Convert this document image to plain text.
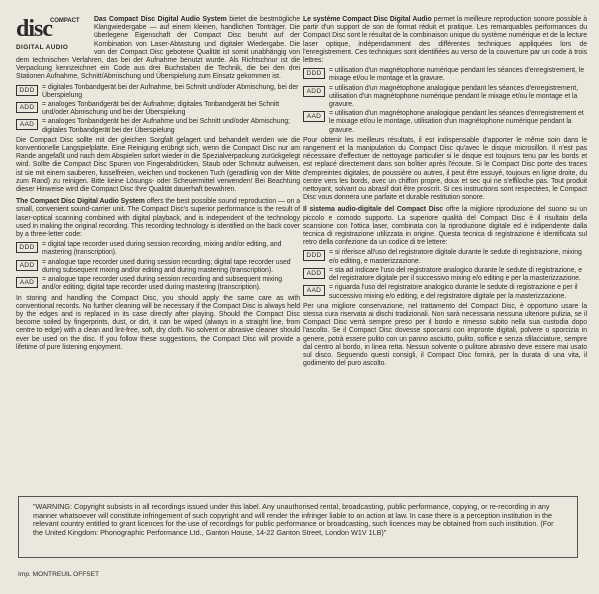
disc
COMPACT
DIGITAL AUDIO

Das Compact Disc Digital Audio System bietet die bestmögliche Klangwiedergabe — auf einem kleinen, handlichen Tonträger. Die überlegene Eigenschaft der Compact Disc beruht auf der Kombination von Laser-Abtastung und digitaler Wiedergabe. Die von der Compact Disc gebotene Qualität ist somit unabhängig von dem technischen Verfahren, das bei der Aufnahme benutzt wurde. Als Richtschnur ist die Verpackung kennzeichnet ein Code aus drei Buchstaben die Technik, die bei den drei Stationen Aufnahme, Schnitt/Abmischung und Überspielung zum Einsatz gekommen ist.

DDD	= digitales Tonbandgerät bei der Aufnahme, bei Schnitt und/oder Abmischung, bei der Überspielung
ADD	= analoges Tonbandgerät bei der Aufnahme; digitales Tonbandgerät bei Schnitt und/oder Abmischung und bei der Überspielung
AAD	= analoges Tonbandgerät bei der Aufnahme und bei Schnitt und/oder Abmischung; digitales Tonbandgerät bei der Überspielung

Die Compact Disc sollte mit der gleichen Sorgfalt gelagert und behandelt werden wie die konventionelle Langspielplatte. Eine Reinigung erübrigt sich, wenn die Compact Disc nur am Rande angefaßt und nach dem Abspielen sofort wieder in die Spezialverpackung zurückgelegt wird. Sollte die Compact Disc Spuren von Fingerabdrücken, Staub oder Schmutz aufweisen, ist sie mit einem sauberen, fusselfreien, weichen und trockenen Tuch (geradlinig von der Mitte zum Rand) zu reinigen. Bitte keine Lösungs- oder Scheuermittel verwenden! Bei Beachtung dieser Hinweise wird die Compact Disc Ihre Qualität dauerhaft bewahren.

The Compact Disc Digital Audio System offers the best possible sound reproduction — on a small, convenient sound-carrier unit. The Compact Disc's superior performance is the result of laser-optical scanning combined with digital playback, and is independent of the technology used in making the original recording. This recording technology is identified on the back cover by a three-letter code:

DDD	= digital tape recorder used during session recording, mixing and/or editing, and mastering (transcription).
ADD	= analogue tape recorder used during session recording; digital tape recorder used during subsequent mixing and/or editing and during mastering (transcription).
AAD	= analogue tape recorder used during session recording and subsequent mixing and/or editing; digital tape recorder used during mastering (transcription).

In storing and handling the Compact Disc, you should apply the same care as with conventional records. No further cleaning will be necessary if the Compact Disc is always held by the edges and is replaced in its case directly after playing. Should the Compact Disc become soiled by fingerprints, dust, or dirt, it can be wiped (always in a straight line, from centre to edge) with a clean and lint-free, soft, dry cloth. No solvent or abrasive cleaner should ever be used on the disc. If you follow these suggestions, the Compact Disc will provide a lifetime of pure listening enjoyment.

Le système Compact Disc Digital Audio permet la meilleure reproduction sonore possible à partir d'un support de son de format réduit et pratique. Les remarquables performances du Compact Disc sont le résultat de la combinaison unique du système numérique et de la lecture laser optique, indépendamment des différentes techniques appliquées lors de l'enregistrement. Ces techniques sont identifiées au verso de la couverture par un code à trois lettres:

DDD	= utilisation d'un magnétophone numérique pendant les séances d'enregistrement, le mixage et/ou le montage et la gravure.
ADD	= utilisation d'un magnétophone analogique pendant les séances d'enregistrement, utilisation d'un magnétophone numérique pendant le mixage et/ou le montage et la gravure.
AAD	= utilisation d'un magnétophone analogique pendant les séances d'enregistrement et le mixage et/ou le montage, utilisation d'un magnétophone numérique pendant la gravure.

Pour obtenir les meilleurs résultats, il est indispensable d'apporter le même soin dans le rangement et la manipulation du Compact Disc qu'avec le disque microsillon. Il n'est pas nécessaire d'effectuer de nettoyage particulier si le disque est toujours tenu par les bords et est replacé directement dans son boîtier après l'écoute. Si le Compact Disc porte des traces d'empreintes digitales, de poussière ou autres, il peut être essuyé, toujours en ligne droite, du centre vers les bords, avec un chiffon propre, doux et sec qui ne s'effiloche pas. Tout produit nettoyant, solvant ou abrasif doit être proscrit. Si ces instructions sont respectées, le Compact Disc vous donnera une parfaite et durable restitution sonore.

Il sistema audio-digitale del Compact Disc offre la migliore riproduzione del suono su un piccolo e comodo supporto. La superiore qualità del Compact Disc è il risultato della scansione con l'ottica laser, combinata con la riproduzione digitale ed è indipendente dalla tecnica di registrazione utilizzata in origine. Questa tecnica di registrazione è identificata sul retro della confezione da un codice di tre lettere:

DDD	= si riferisce all'uso del registratore digitale durante le sedute di registrazione, mixing e/o editing, e masterizzazione.
ADD	= sta ad indicare l'uso del registratore analogico durante le sedute di registrazione, e del registratore digitale per il successivo mixing e/o editing e per la masterizzazione.
AAD	= riguarda l'uso del registratore analogico durante le sedute di registrazione e per il successivo mixing e/o editing, e del registratore digitale per la masterizzazione.

Per una migliore conservazione, nel trattamento del Compact Disc, è opportuno usare la stessa cura riservata ai dischi tradizionali. Non sarà necessaria nessuna ulteriore pulizia, se il Compact Disc verrà sempre preso per il bordo e rimesso subito nella sua custodia dopo l'ascolto. Se il Compact Disc dovesse sporcarsi con impronte digitali, polvere o sporcizia in genere, potrà essere pulito con un panno asciutto, pulito, soffice e senza sfilacciature, sempre dal centro al bordo, in linea retta. Nessun solvente o pulitore abrasivo deve essere mai usato sul disco. Seguendo questi consigli, il Compact Disc fornirà, per la durata di una vita, il godimento del puro ascolto.

"WARNING: Copyright subsists in all recordings issued under this label. Any unauthorised rental, broadcasting, public performance, copying, or re-recording in any manner whatsoever will constitute infringement of such copyright and will render the infringer liable to an action at law. In case there is a perception institution in the relevant country entitled to grant licences for the use of recordings for public performance or broadcasting, such licences may be obtained from such institution. (For the United Kingdom: Phonographic Performance Ltd., Ganton House, 14-22 Ganton Street, London W1V 1LB)"
Imp. MONTREUIL OFFSET
